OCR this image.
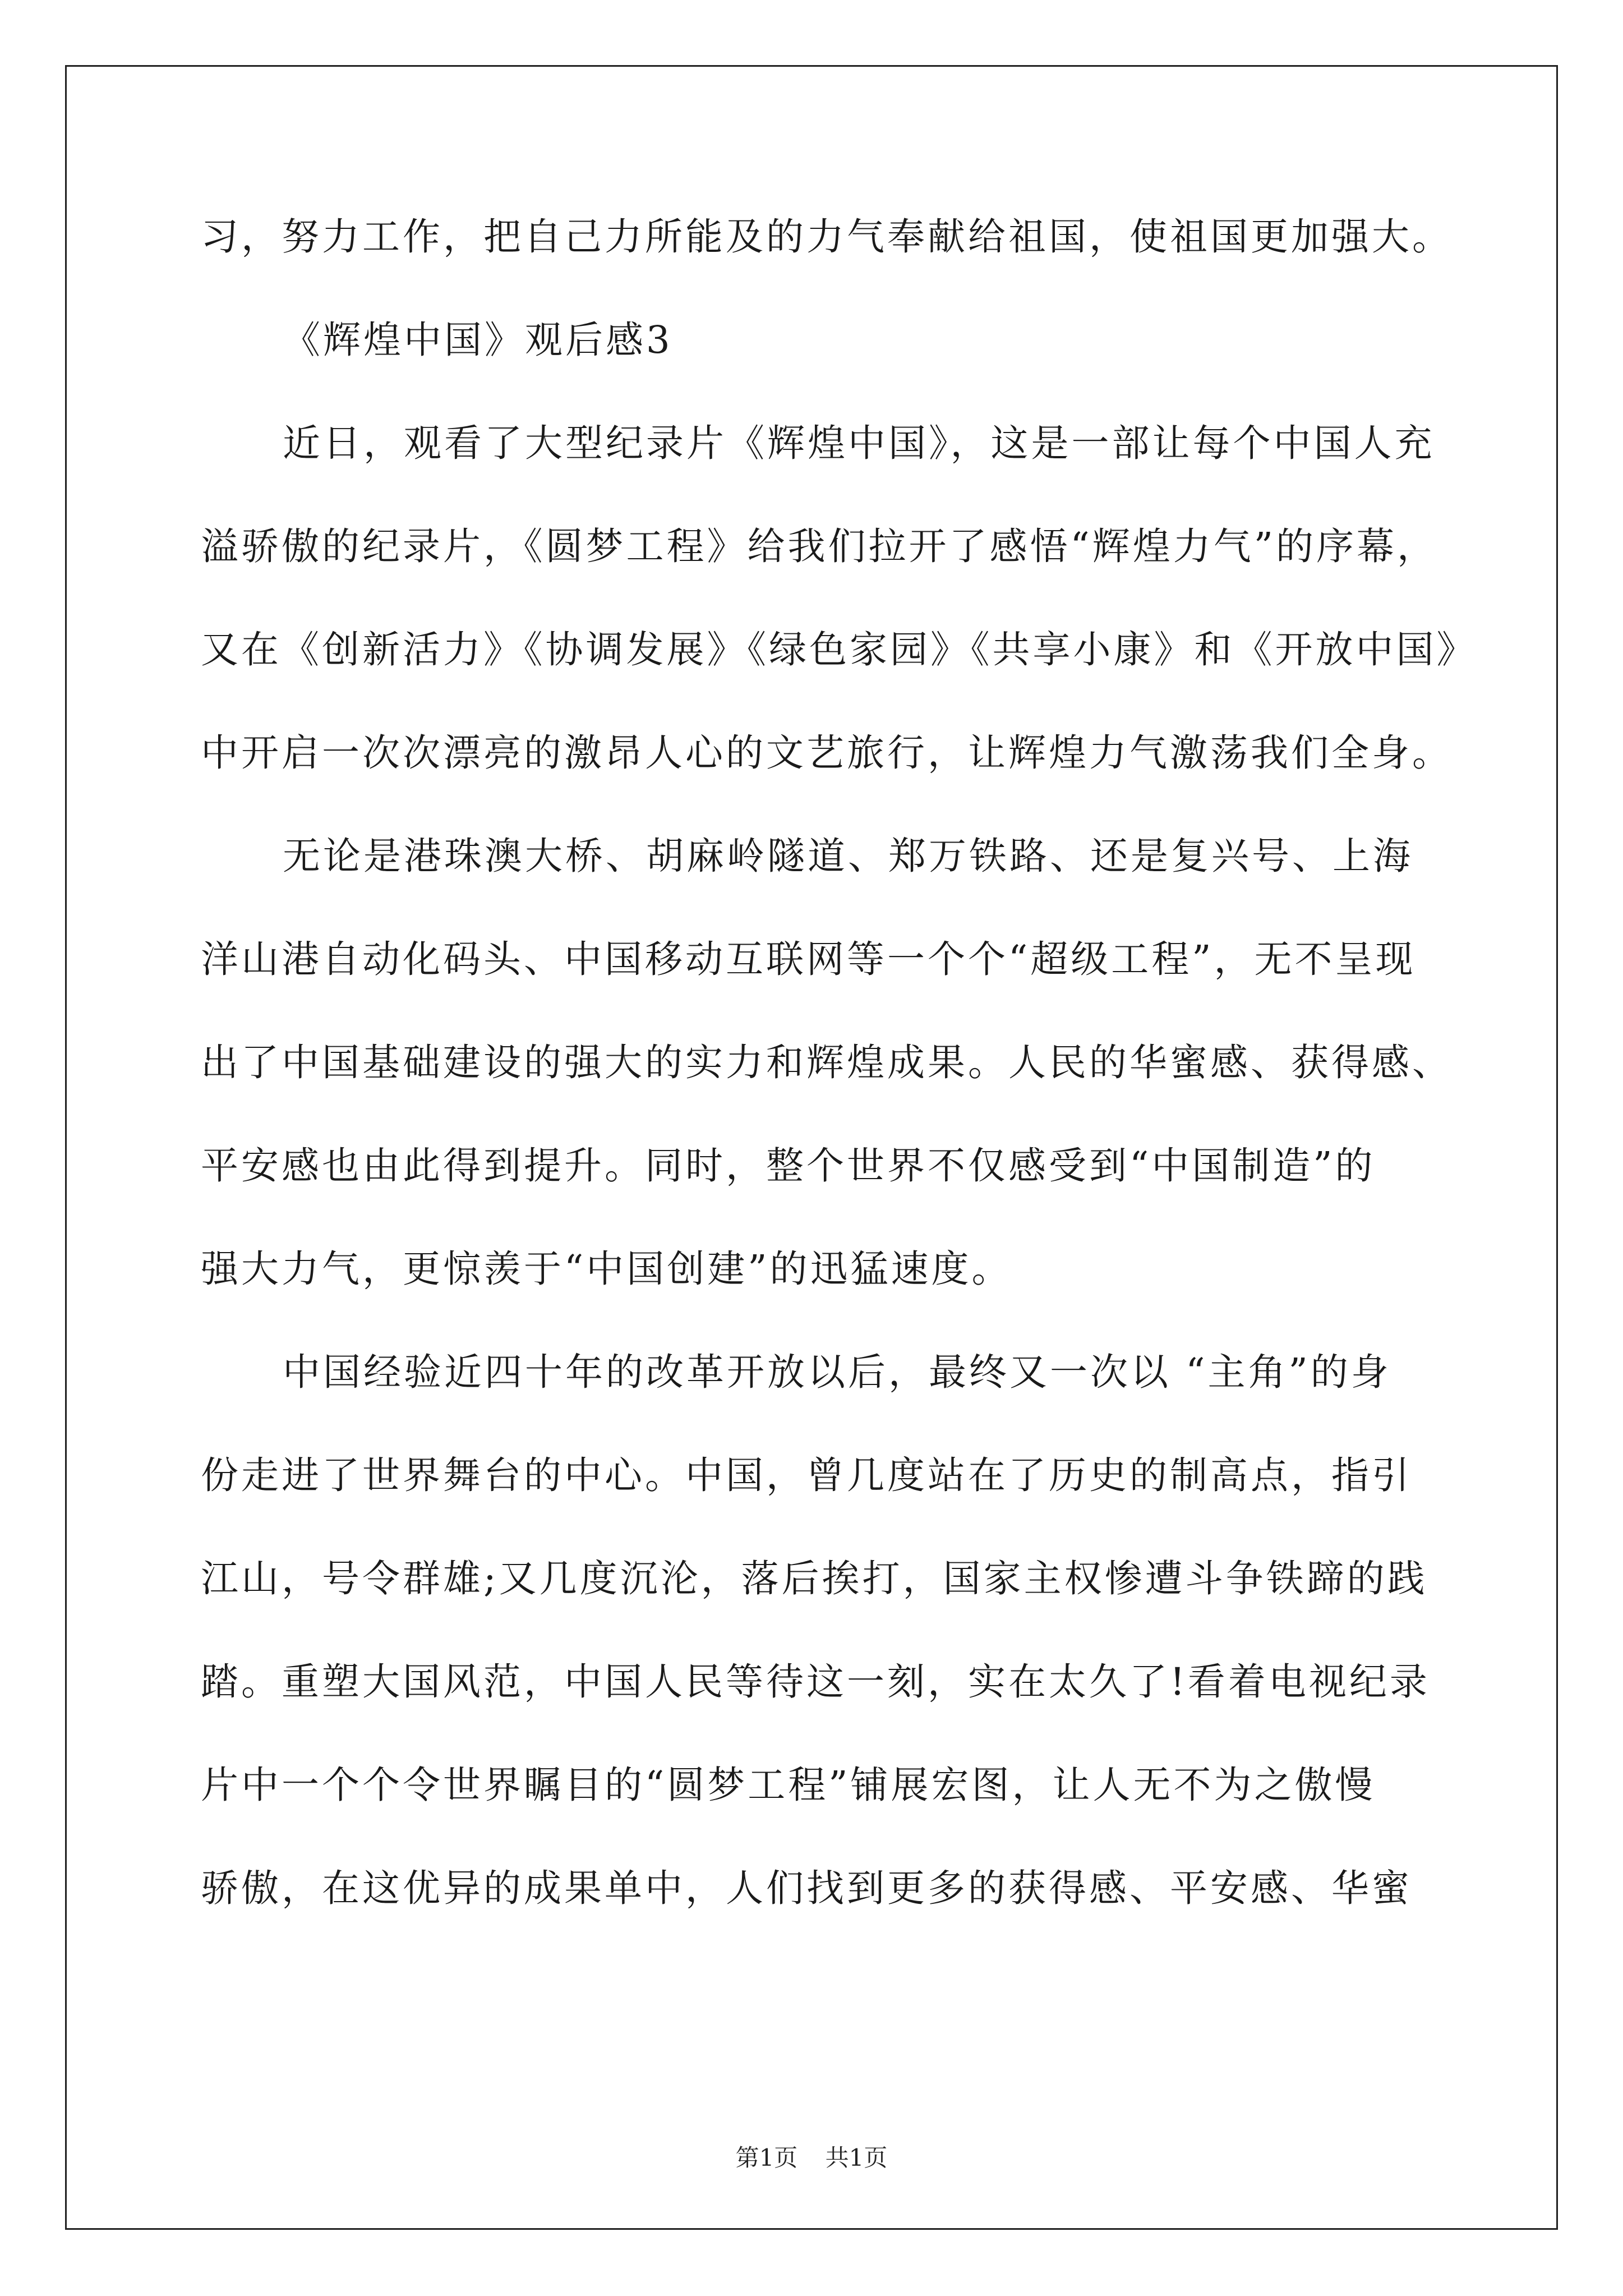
习，努力工作，把自己力所能及的力气奉献给祖国，使祖国更加强大。

《辉煌中国》观后感3

近日，观看了大型纪录片《辉煌中国》，这是一部让每个中国人充

溢骄傲的纪录片，《圆梦工程》给我们拉开了感悟“辉煌力气”的序幕，

又在《创新活力》《协调发展》《绿色家园》《共享小康》和《开放中国》

中开启一次次漂亮的激昂人心的文艺旅行，让辉煌力气激荡我们全身。

无论是港珠澳大桥、胡麻岭隧道、郑万铁路、还是复兴号、上海

洋山港自动化码头、中国移动互联网等一个个“超级工程”，无不呈现

出了中国基础建设的强大的实力和辉煌成果。人民的华蜜感、获得感、

平安感也由此得到提升。同时，整个世界不仅感受到“中国制造”的

强大力气，更惊羡于“中国创建”的迅猛速度。

中国经验近四十年的改革开放以后，最终又一次以 “主角”的身

份走进了世界舞台的中心。中国，曾几度站在了历史的制高点，指引

江山，号令群雄;又几度沉沦，落后挨打，国家主权惨遭斗争铁蹄的践

踏。重塑大国风范，中国人民等待这一刻，实在太久了!看着电视纪录

片中一个个令世界瞩目的“圆梦工程”铺展宏图，让人无不为之傲慢

骄傲，在这优异的成果单中，人们找到更多的获得感、平安感、华蜜

第1页 共1页
